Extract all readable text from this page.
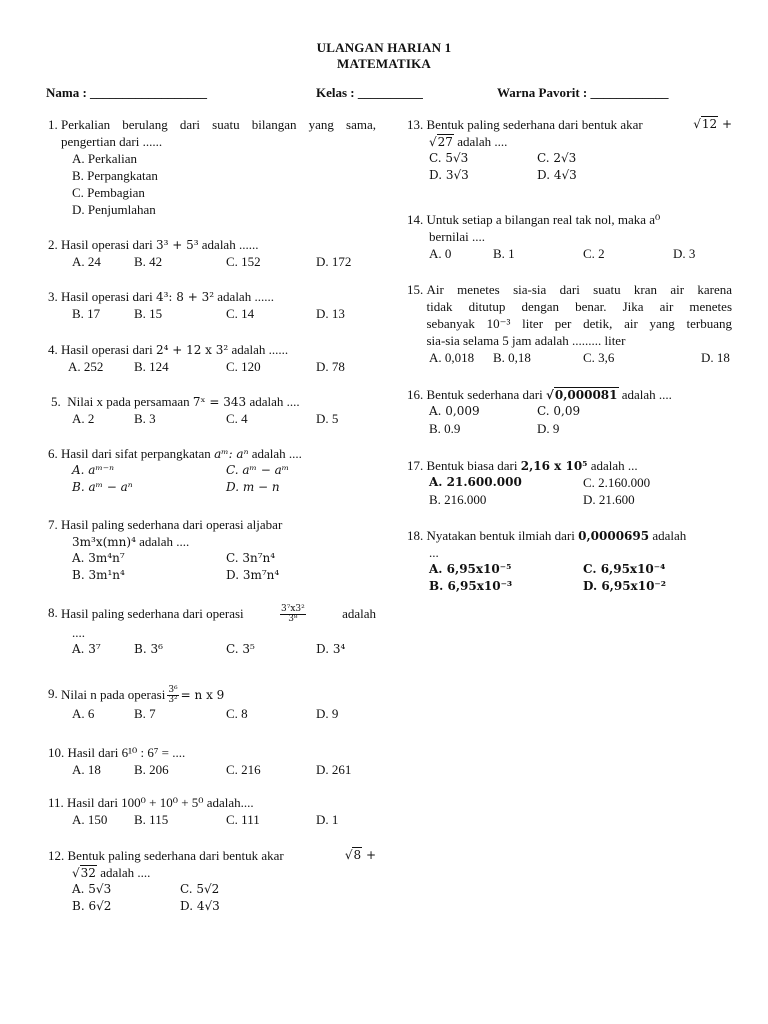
ULANGAN HARIAN 1
MATEMATIKA
Nama : __________________	Kelas : __________	Warna Pavorit : ____________
1.
Perkalian berulang dari suatu bilangan yang sama, pengertian dari ......
A. Perkalian
B. Perpangkatan
C. Pembagian
D. Penjumlahan
2.
Hasil operasi dari 3³ + 5³ adalah ......
A. 24	B. 42	C. 152	D. 172
3.
Hasil operasi dari 4³: 8 + 3² adalah ......
B. 17	B. 15	C. 14	D. 13
4.
Hasil operasi dari 2⁴ + 12 x 3² adalah ......
A. 252 B. 124	C. 120	D. 78
5.
Nilai x pada persamaan 7ˣ = 343 adalah ....
A. 2	B. 3	C. 4	D. 5
6.
Hasil dari sifat perpangkatan aᵐ: aⁿ adalah ....
A. aᵐ⁻ⁿ	C. aᵐ − aᵐ
B. aᵐ − aⁿ	D. m − n
7.
Hasil paling sederhana dari operasi aljabar
3m³x(mn)⁴ adalah ....
A. 3m⁴n⁷	C. 3n⁷n⁴
B. 3m¹n⁴	D. 3m⁷n⁴
8.
Hasil paling sederhana dari operasi	$\frac{\text{3⁷x3²}}{\text{3⁸}}$	adalah
....
A. 3⁷	B. 3⁶	C. 3⁵	D. 3⁴
9.
Nilai n pada operasi $\frac{\text{3⁶}}{\text{3²}} = n$ x 9
A. 6	B. 7	C. 8	D. 9
10.
Hasil dari 6¹⁰ : 6⁷ = ....
A. 18	B. 206	C. 216	D. 261
11.
Hasil dari 100⁰ + 10⁰ + 5⁰ adalah....
A. 150 B. 115	C. 111	D. 1
12.
Bentuk paling sederhana dari bentuk akar	√8 +
√32 adalah ....
A. 5√3	C. 5√2
B. 6√2	D. 4√3
13.
Bentuk paling sederhana dari bentuk akar	√12 +
√27 adalah ....
C. 5√3	C. 2√3
D. 3√3	D. 4√3
14.
Untuk setiap a bilangan real tak nol, maka a⁰
bernilai ....
A. 0	B. 1	C. 2	D. 3
15.
Air menetes sia-sia dari suatu kran air karena
tidak ditutup dengan benar. Jika air menetes
sebanyak 10⁻³ liter per detik, air yang terbuang
sia-sia selama 5 jam adalah ......... liter
A. 0,018 B. 0,18	C. 3,6	D. 18
16.
Bentuk sederhana dari √0,000081 adalah ....
A. 0,009	C. 0,09
B. 0.9	D. 9
17.
Bentuk biasa dari 2,16 x 10⁵ adalah ...
A. 21.600.000	C. 2.160.000
B. 216.000	D. 21.600
18.
Nyatakan bentuk ilmiah dari 0,0000695 adalah
...
A. 6,95x10⁻⁵	C. 6,95x10⁻⁴
B. 6,95x10⁻³	D. 6,95x10⁻²
